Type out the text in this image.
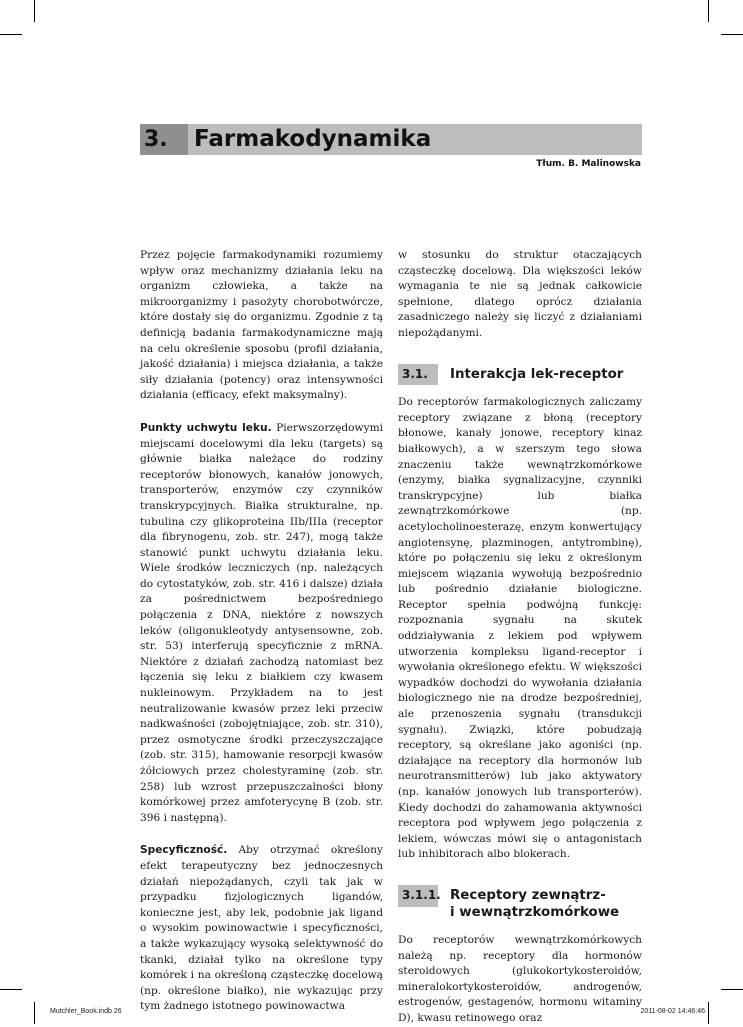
3.	Farmakodynamika
Tłum. B. Malinowska

Przez pojęcie farmakodynamiki rozumiemy wpływ oraz mechanizmy działania leku na organizm człowieka, a także na mikroorganizmy i pasożyty chorobotwórcze, które dostały się do organizmu. Zgodnie z tą definicją badania farmakodynamiczne mają na celu określenie sposobu (profil działania, jakość działania) i miejsca działania, a także siły działania (potency) oraz intensywności działania (efficacy, efekt maksymalny).

Punkty uchwytu leku. Pierwszorzędowymi miejscami docelowymi dla leku (targets) są głównie białka należące do rodziny receptorów błonowych, kanałów jonowych, transporterów, enzymów czy czynników transkrypcyjnych. Białka strukturalne, np. tubulina czy glikoproteina IIb/IIIa (receptor dla fibrynogenu, zob. str. 247), mogą także stanowić punkt uchwytu działania leku. Wiele środków leczniczych (np. należących do cytostatyków, zob. str. 416 i dalsze) działa za pośrednictwem bezpośredniego połączenia z DNA, niektóre z nowszych leków (oligonukleotydy antysensowne, zob. str. 53) interferują specyficznie z mRNA. Niektóre z działań zachodzą natomiast bez łączenia się leku z białkiem czy kwasem nukleinowym. Przykładem na to jest neutralizowanie kwasów przez leki przeciw nadkwaśności (zobojętniające, zob. str. 310), przez osmotyczne środki przeczyszczające (zob. str. 315), hamowanie resorpcji kwasów żółciowych przez cholestyraminę (zob. str. 258) lub wzrost przepuszczalności błony komórkowej przez amfoterycynę B (zob. str. 396 i następną).

Specyficzność. Aby otrzymać określony efekt terapeutyczny bez jednoczesnych działań niepożądanych, czyli tak jak w przypadku fizjologicznych ligandów, konieczne jest, aby lek, podobnie jak ligand o wysokim powinowactwie i specyficzności, a także wykazujący wysoką selektywność do tkanki, działał tylko na określone typy komórek i na określoną cząsteczkę docelową (np. określone białko), nie wykazując przy tym żadnego istotnego powinowactwa

w stosunku do struktur otaczających cząsteczkę docelową. Dla większości leków wymagania te nie są jednak całkowicie spełnione, dlatego oprócz działania zasadniczego należy się liczyć z działaniami niepożądanymi.

3.1.	Interakcja lek-receptor

Do receptorów farmakologicznych zaliczamy receptory związane z błoną (receptory błonowe, kanały jonowe, receptory kinaz białkowych), a w szerszym tego słowa znaczeniu także wewnątrzkomórkowe (enzymy, białka sygnalizacyjne, czynniki transkrypcyjne) lub białka zewnątrzkomórkowe (np. acetylocholinoesterazę, enzym konwertujący angiotensynę, plazminogen, antytrombinę), które po połączeniu się leku z określonym miejscem wiązania wywołują bezpośrednio lub pośrednio działanie biologiczne. Receptor spełnia podwójną funkcję: rozpoznania sygnału na skutek oddziaływania z lekiem pod wpływem utworzenia kompleksu ligand-receptor i wywołania określonego efektu. W większości wypadków dochodzi do wywołania działania biologicznego nie na drodze bezpośredniej, ale przenoszenia sygnału (transdukcji sygnału). Związki, które pobudzają receptory, są określane jako agoniści (np. działające na receptory dla hormonów lub neurotransmitterów) lub jako aktywatory (np. kanałów jonowych lub transporterów). Kiedy dochodzi do zahamowania aktywności receptora pod wpływem jego połączenia z lekiem, wówczas mówi się o antagonistach lub inhibitorach albo blokerach.

3.1.1. Receptory zewnątrz-
i wewnątrzkomórkowe

Do receptorów wewnątrzkomórkowych należą np. receptory dla hormonów steroidowych (glukokortykosteroidów, mineralokortykosteroidów, androgenów, estrogenów, gestagenów, hormonu witaminy D), kwasu retinowego oraz

Mutchler_Book.indb 26	2011-08-02 14:46:46
